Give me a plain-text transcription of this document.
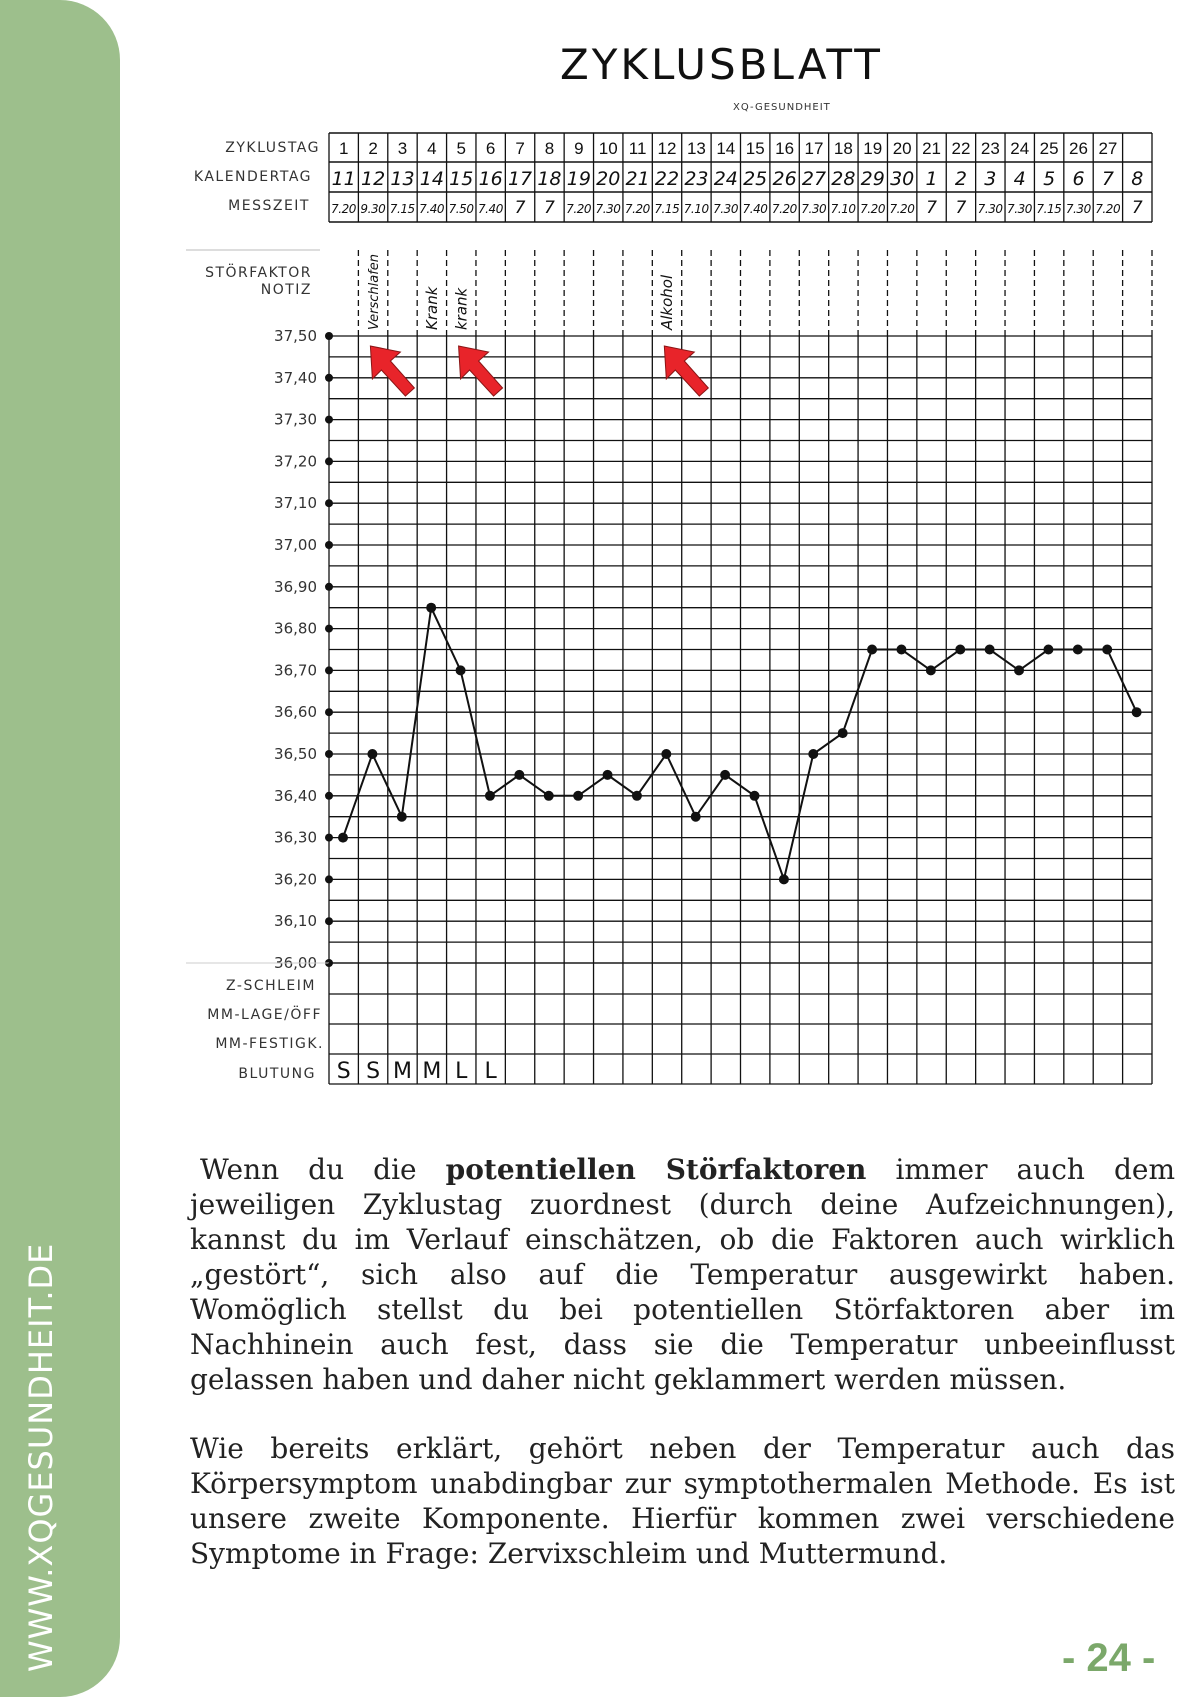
WWW.XQGESUNDHEIT.DE
ZYKLUSBLATT
XQ-GESUNDHEIT
ZYKLUSTAG
KALENDERTAG
MESSZEIT
1 2 3 4 5 6 7 8 9 10 11 12 13 14 15 16 17 18 19 20 21 22 23 24 25 26 27
11 12 13 14 15 16 17 18 19 20 21 22 23 24 25 26 27 28 29 30 1 2 3 4 5 6 7 8
7.20 9.30 7.15 7.40 7.50 7.40 7 7 7.20 7.30 7.20 7.15 7.10 7.30 7.40 7.20 7.30 7.10 7.20 7.20 7 7 7.30 7.30 7.15 7.30 7.20 7
STÖRFAKTOR
NOTIZ
37,50
37,40
37,30
37,20
37,10
37,00
36,90
36,80
36,70
36,60
36,50
36,40
36,30
36,20
36,10
36,00
Verschlafen	Krank krank	Alkohol
Z-SCHLEIM
MM-LAGE/ÖFF
MM-FESTIGK.
BLUTUNG S S M M L L

Wenn du die potentiellen Störfaktoren immer auch dem jeweiligen Zyklustag zuordnest (durch deine Aufzeichnungen), kannst du im Verlauf einschätzen, ob die Faktoren auch wirklich „gestört“, sich also auf die Temperatur ausgewirkt haben. Womöglich stellst du bei potentiellen Störfaktoren aber im Nachhinein auch fest, dass sie die Temperatur unbeeinflusst gelassen haben und daher nicht geklammert werden müssen.

Wie bereits erklärt, gehört neben der Temperatur auch das Körpersymptom unabdingbar zur symptothermalen Methode. Es ist unsere zweite Komponente. Hierfür kommen zwei verschiedene Symptome in Frage: Zervixschleim und Muttermund.

- 24 -
